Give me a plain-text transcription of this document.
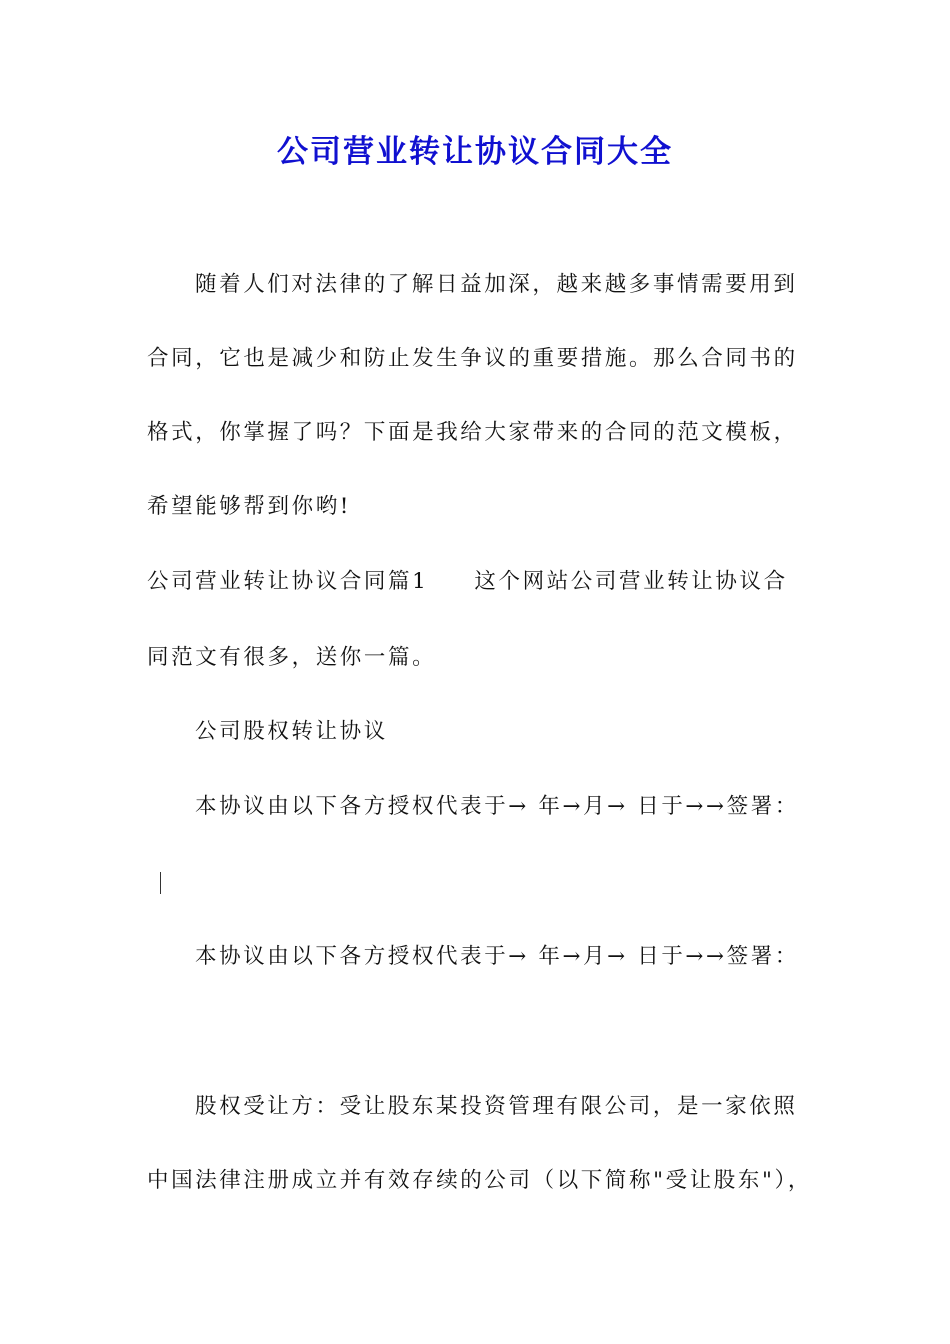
公司营业转让协议合同大全
随着人们对法律的了解日益加深，越来越多事情需要用到
合同，它也是减少和防止发生争议的重要措施。那么合同书的
格式，你掌握了吗？下面是我给大家带来的合同的范文模板，
希望能够帮到你哟!
公司营业转让协议合同篇1 这个网站公司营业转让协议合
同范文有很多，送你一篇。
公司股权转让协议
本协议由以下各方授权代表于→ 年→月→ 日于→→签署：
本协议由以下各方授权代表于→ 年→月→ 日于→→签署：
股权受让方：受让股东某投资管理有限公司，是一家依照
中国法律注册成立并有效存续的公司（以下简称"受让股东"），
